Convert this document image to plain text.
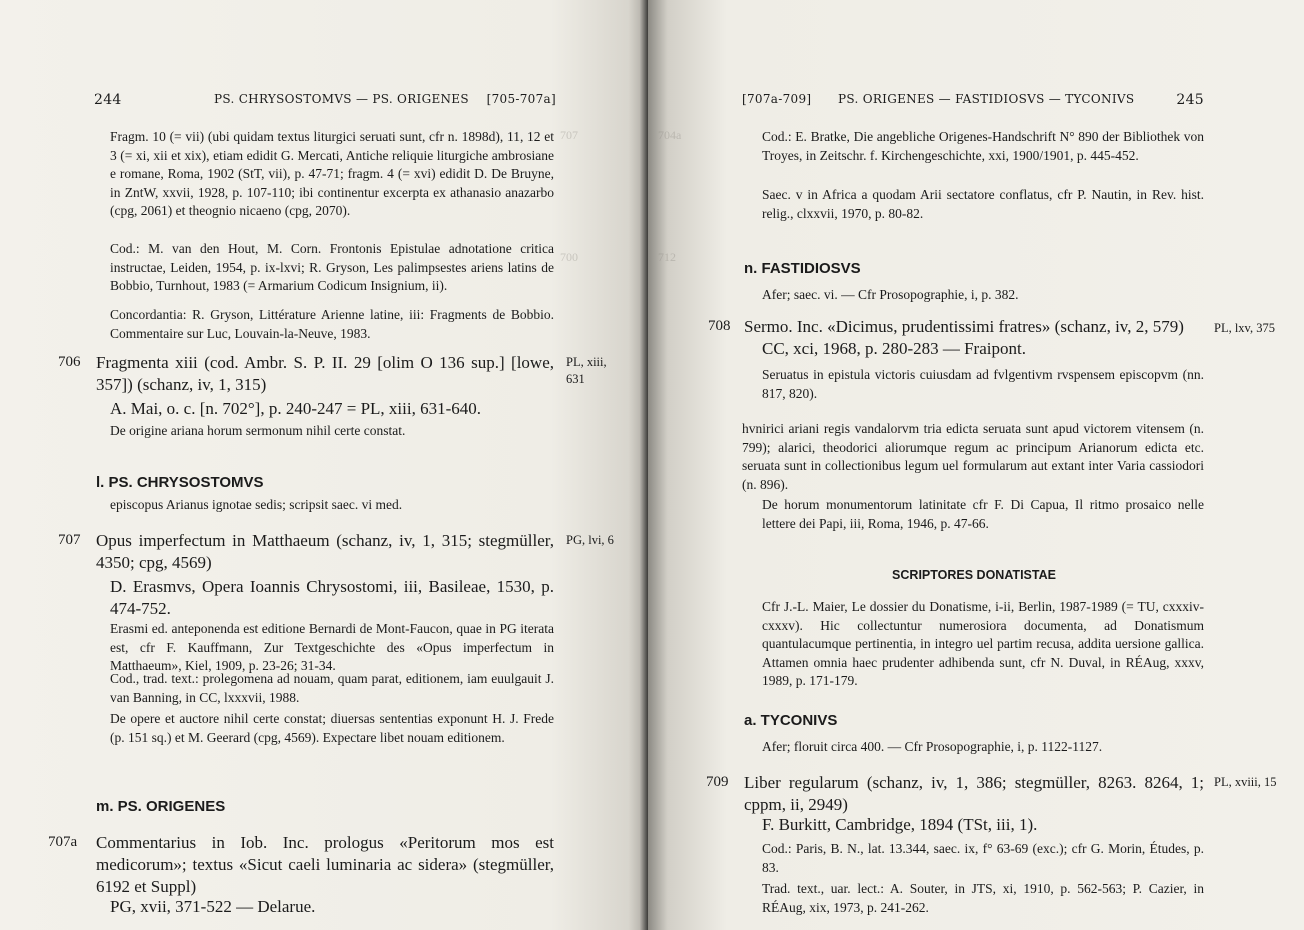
707
700
244	PS. CHRYSOSTOMVS — PS. ORIGENES [705-707a]
Fragm. 10 (= vii) (ubi quidam textus liturgici seruati sunt, cfr n. 1898d), 11, 12 et 3 (= xi, xii et xix), etiam edidit G. Mercati, Antiche reliquie liturgiche ambrosiane e romane, Roma, 1902 (StT, vii), p. 47-71; fragm. 4 (= xvi) edidit D. De Bruyne, in ZntW, xxvii, 1928, p. 107-110; ibi continentur excerpta ex athanasio anazarbo (cpg, 2061) et theognio nicaeno (cpg, 2070).
Cod.: M. van den Hout, M. Corn. Frontonis Epistulae adnotatione critica instructae, Leiden, 1954, p. ix-lxvi; R. Gryson, Les palimpsestes ariens latins de Bobbio, Turnhout, 1983 (= Armarium Codicum Insignium, ii).
Concordantia: R. Gryson, Littérature Arienne latine, iii: Fragments de Bobbio. Commentaire sur Luc, Louvain-la-Neuve, 1983.
706 Fragmenta xiii (cod. Ambr. S. P. II. 29 [olim O 136 sup.] [lowe, 357]) (schanz, iv, 1, 315)
PL, xiii, 631
A. Mai, o. c. [n. 702°], p. 240-247 = PL, xiii, 631-640.
De origine ariana horum sermonum nihil certe constat.
l. PS. CHRYSOSTOMVS
episcopus Arianus ignotae sedis; scripsit saec. vi med.
707 Opus imperfectum in Matthaeum (schanz, iv, 1, 315; stegmüller, 4350; cpg, 4569)
PG, lvi, 6
D. Erasmvs, Opera Ioannis Chrysostomi, iii, Basileae, 1530, p. 474-752.
Erasmi ed. anteponenda est editione Bernardi de Mont-Faucon, quae in PG iterata est, cfr F. Kauffmann, Zur Textgeschichte des «Opus imperfectum in Matthaeum», Kiel, 1909, p. 23-26; 31-34.
Cod., trad. text.: prolegomena ad nouam, quam parat, editionem, iam euulgauit J. van Banning, in CC, lxxxvii, 1988.
De opere et auctore nihil certe constat; diuersas sententias exponunt H. J. Frede (p. 151 sq.) et M. Geerard (cpg, 4569). Expectare libet nouam editionem.
m. PS. ORIGENES
707a Commentarius in Iob. Inc. prologus «Peritorum mos est medicorum»; textus «Sicut caeli luminaria ac sidera» (stegmüller, 6192 et Suppl)
PG, xvii, 371-522 — Delarue.
704a
712
[707a-709] PS. ORIGENES — FASTIDIOSVS — TYCONIVS	245
Cod.: E. Bratke, Die angebliche Origenes-Handschrift N° 890 der Bibliothek von Troyes, in Zeitschr. f. Kirchengeschichte, xxi, 1900/1901, p. 445-452.
Saec. v in Africa a quodam Arii sectatore conflatus, cfr P. Nautin, in Rev. hist. relig., clxxvii, 1970, p. 80-82.
n. FASTIDIOSVS
Afer; saec. vi. — Cfr Prosopographie, i, p. 382.
708 Sermo. Inc. «Dicimus, prudentissimi fratres» (schanz, iv, 2, 579)	PL, lxv, 375
CC, xci, 1968, p. 280-283 — Fraipont.
Seruatus in epistula victoris cuiusdam ad fvlgentivm rvspensem episcopvm (nn. 817, 820).
hvnirici ariani regis vandalorvm tria edicta seruata sunt apud victorem vitensem (n. 799); alarici, theodorici aliorumque regum ac principum Arianorum edicta etc. seruata sunt in collectionibus legum uel formularum aut extant inter Varia cassiodori (n. 896).
De horum monumentorum latinitate cfr F. Di Capua, Il ritmo prosaico nelle lettere dei Papi, iii, Roma, 1946, p. 47-66.
SCRIPTORES DONATISTAE
Cfr J.-L. Maier, Le dossier du Donatisme, i-ii, Berlin, 1987-1989 (= TU, cxxxiv-cxxxv). Hic collectuntur numerosiora documenta, ad Donatismum quantulacumque pertinentia, in integro uel partim recusa, addita uersione gallica. Attamen omnia haec prudenter adhibenda sunt, cfr N. Duval, in RÉAug, xxxv, 1989, p. 171-179.
a. TYCONIVS
Afer; floruit circa 400. — Cfr Prosopographie, i, p. 1122-1127.
709 Liber regularum (schanz, iv, 1, 386; stegmüller, 8263. 8264, 1; cppm, ii, 2949)
PL, xviii, 15
F. Burkitt, Cambridge, 1894 (TSt, iii, 1).
Cod.: Paris, B. N., lat. 13.344, saec. ix, f° 63-69 (exc.); cfr G. Morin, Études, p. 83.
Trad. text., uar. lect.: A. Souter, in JTS, xi, 1910, p. 562-563; P. Cazier, in RÉAug, xix, 1973, p. 241-262.
